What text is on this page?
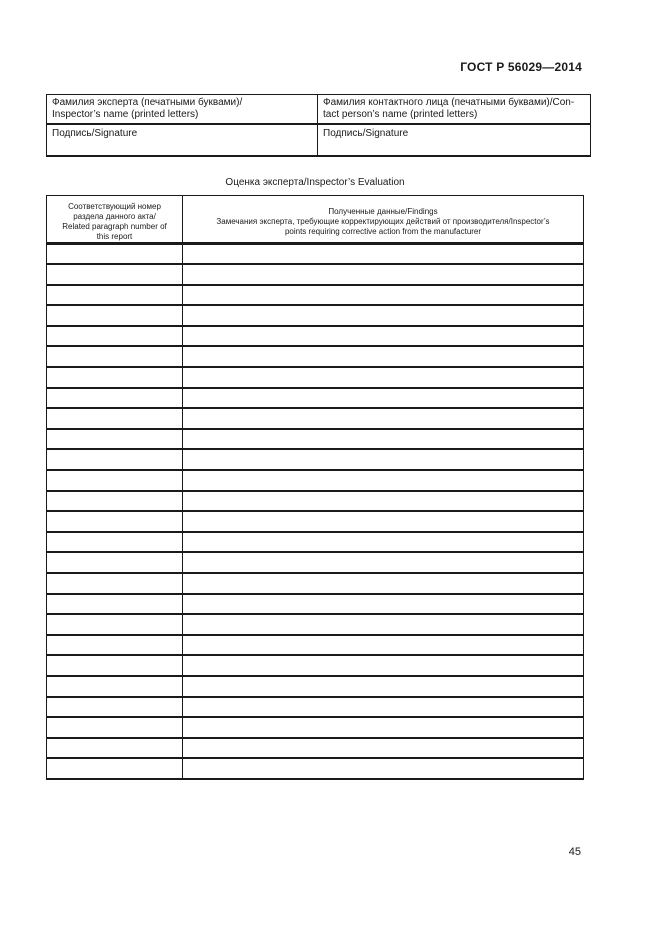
ГОСТ Р 56029—2014
Фамилия эксперта (печатными буквами)/
Inspector’s name (printed letters)	Фамилия контактного лица (печатными буквами)/Con-
tact person’s name (printed letters)

Подпись/Signature	Подпись/Signature
Оценка эксперта/Inspector’s Evaluation
Соответствующий номер
раздела данного акта/
Related paragraph number of
this report	Полученные данные/Findings
Замечания эксперта, требующие корректирующих действий от производителя/Inspector’s
points requiring corrective action from the manufacturer

45
